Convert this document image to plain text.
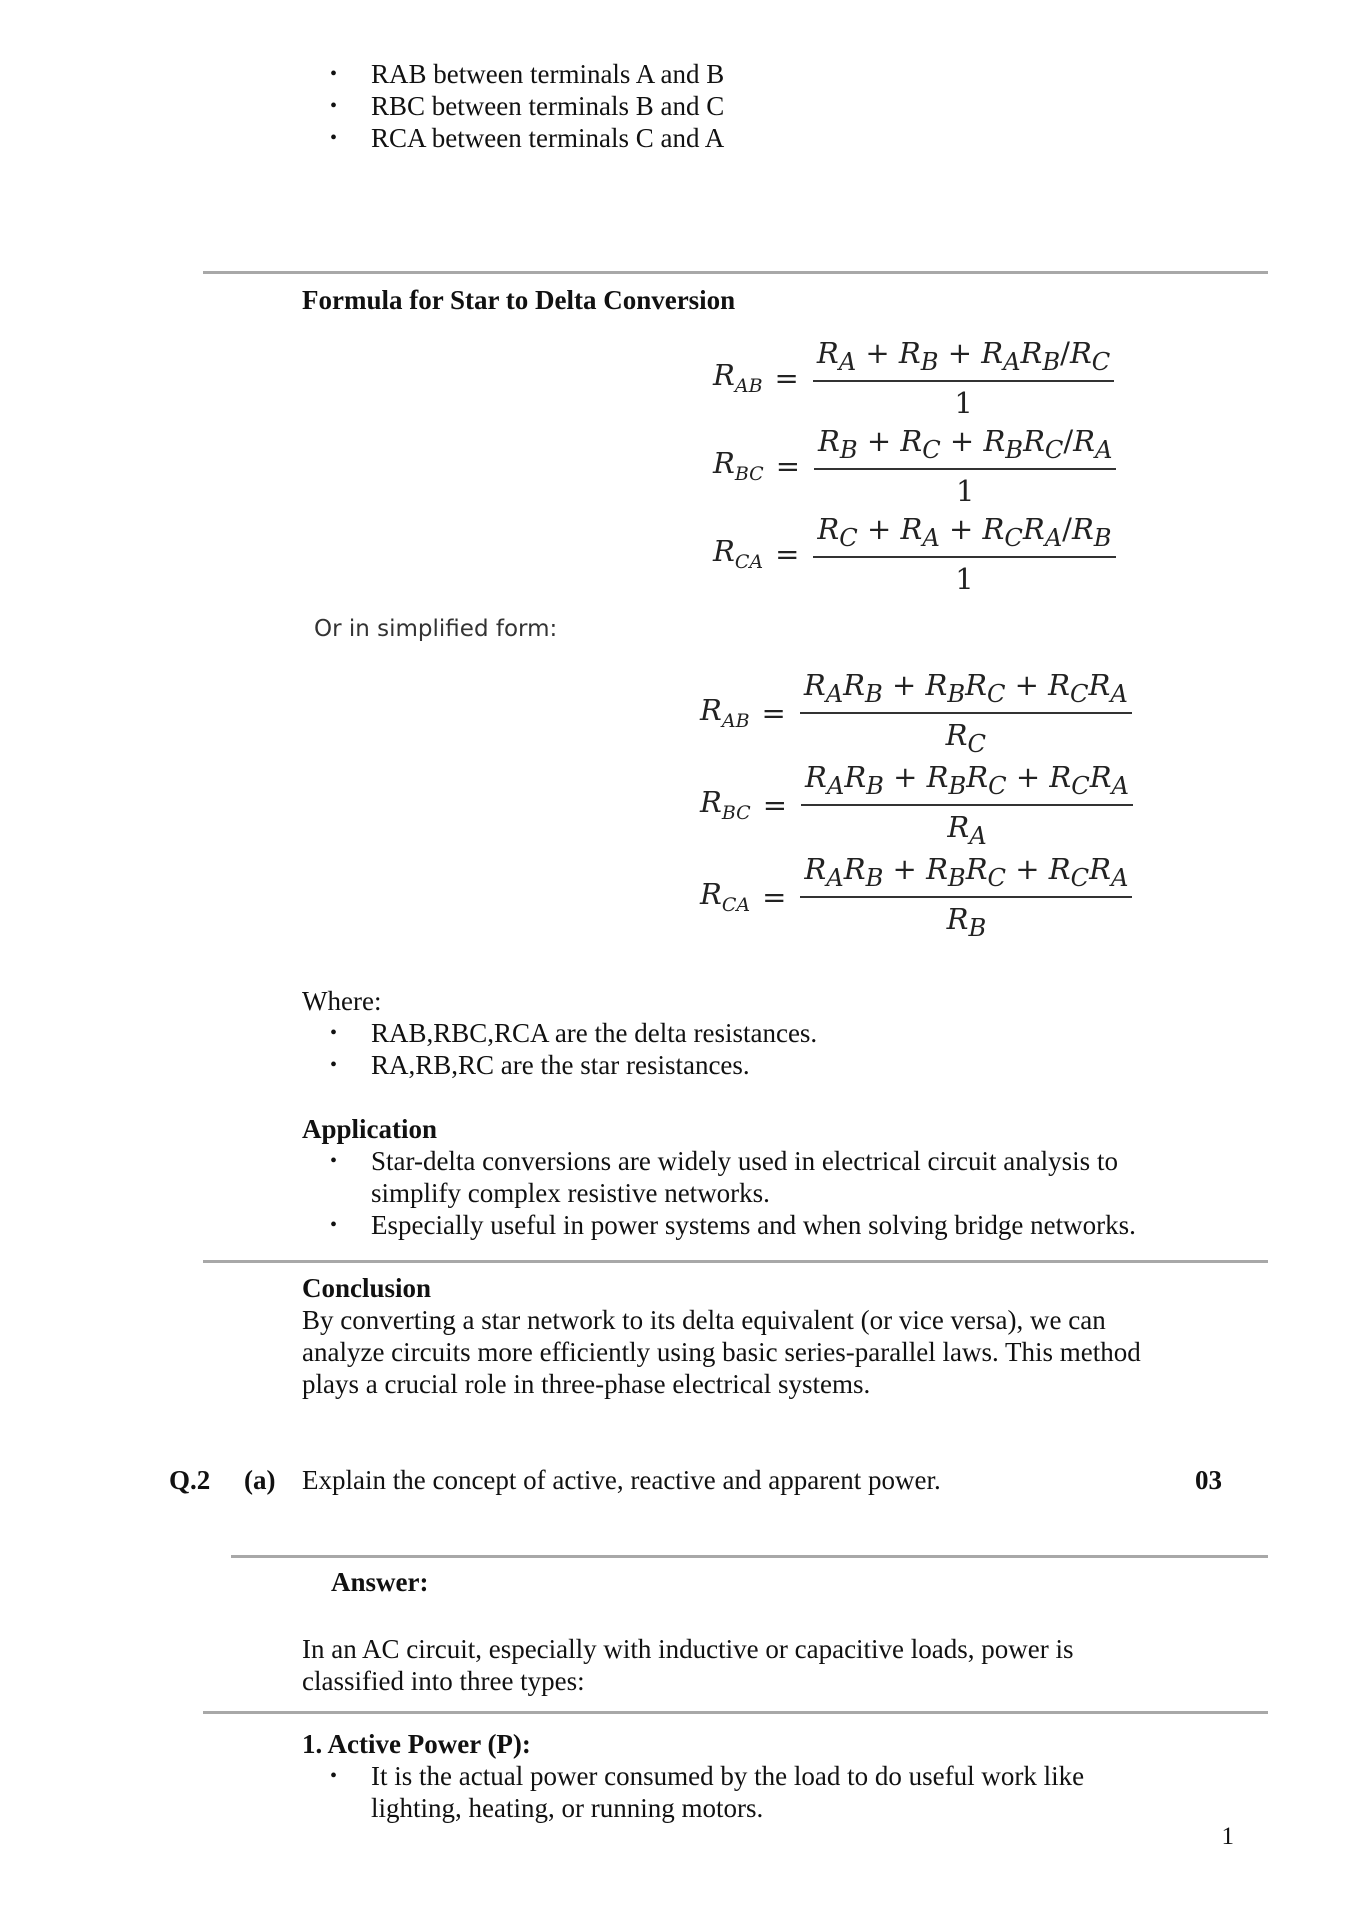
• RAB between terminals A and B
• RBC between terminals B and C
• RCA between terminals C and A
Formula for Star to Delta Conversion
$R_{AB} = \frac{R_A + R_B + R_AR_B/R_C}{1}$
$R_{BC} = \frac{R_B + R_C + R_BR_C/R_A}{1}$
$R_{CA} = \frac{R_C + R_A + R_CR_A/R_B}{1}$
Or in simplified form:
$R_{AB} = \frac{R_AR_B + R_BR_C + R_CR_A}{R_C}$
$R_{BC} = \frac{R_AR_B + R_BR_C + R_CR_A}{R_A}$
$R_{CA} = \frac{R_AR_B + R_BR_C + R_CR_A}{R_B}$
Where:
• RAB,RBC,RCA are the delta resistances.
• RA,RB,RC are the star resistances.
Application
• Star-delta conversions are widely used in electrical circuit analysis to
simplify complex resistive networks.
• Especially useful in power systems and when solving bridge networks.
Conclusion
By converting a star network to its delta equivalent (or vice versa), we can
analyze circuits more efficiently using basic series-parallel laws. This method
plays a crucial role in three-phase electrical systems.
Q.2 (a) Explain the concept of active, reactive and apparent power.	03
Answer:
In an AC circuit, especially with inductive or capacitive loads, power is
classified into three types:
1. Active Power (P):
• It is the actual power consumed by the load to do useful work like
lighting, heating, or running motors.
1
